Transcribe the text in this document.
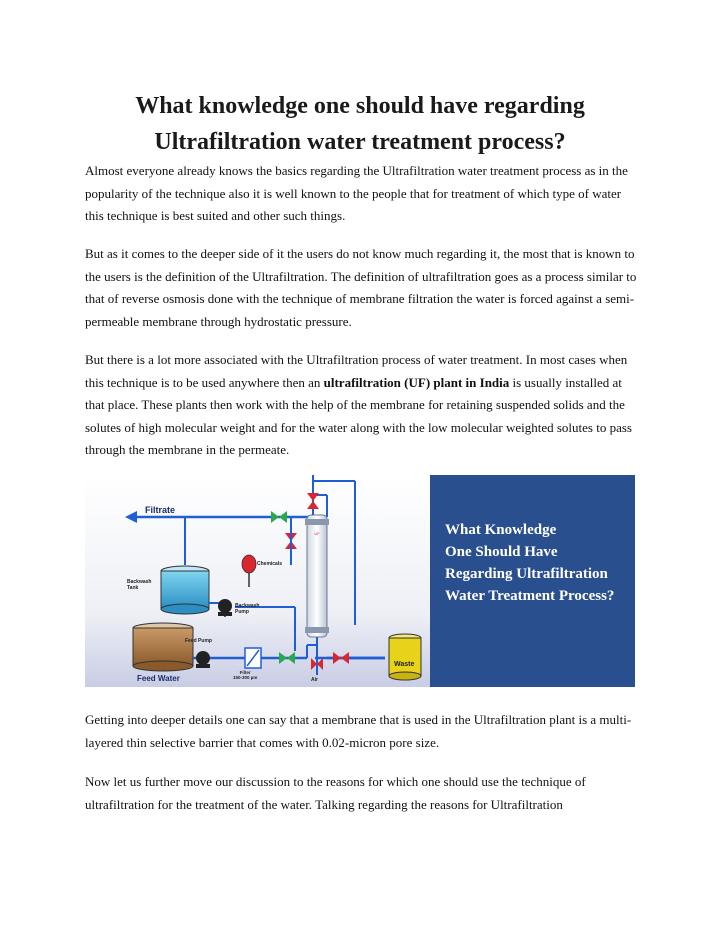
What knowledge one should have regarding
Ultrafiltration water treatment process?

Almost everyone already knows the basics regarding the Ultrafiltration water treatment process as in the popularity of the technique also it is well known to the people that for treatment of which type of water this technique is best suited and other such things.

But as it comes to the deeper side of it the users do not know much regarding it, the most that is known to the users is the definition of the Ultrafiltration. The definition of ultrafiltration goes as a process similar to that of reverse osmosis done with the technique of membrane filtration the water is forced against a semi-permeable membrane through hydrostatic pressure.

But there is a lot more associated with the Ultrafiltration process of water treatment. In most cases when this technique is to be used anywhere then an ultrafiltration (UF) plant in India is usually installed at that place. These plants then work with the help of the membrane for retaining suspended solids and the solutes of high molecular weight and for the water along with the low molecular weighted solutes to pass through the membrane in the permeate.

UF
Filtrate
Chemicals
Backwash
Tank
Backwash
Pump
Feed Pump
Feed Water
Filter
150-300 µm	Air
Waste
What Knowledge
One Should Have
Regarding Ultrafiltration
Water Treatment Process?

Getting into deeper details one can say that a membrane that is used in the Ultrafiltration plant is a multi-layered thin selective barrier that comes with 0.02-micron pore size.

Now let us further move our discussion to the reasons for which one should use the technique of ultrafiltration for the treatment of the water. Talking regarding the reasons for Ultrafiltration
